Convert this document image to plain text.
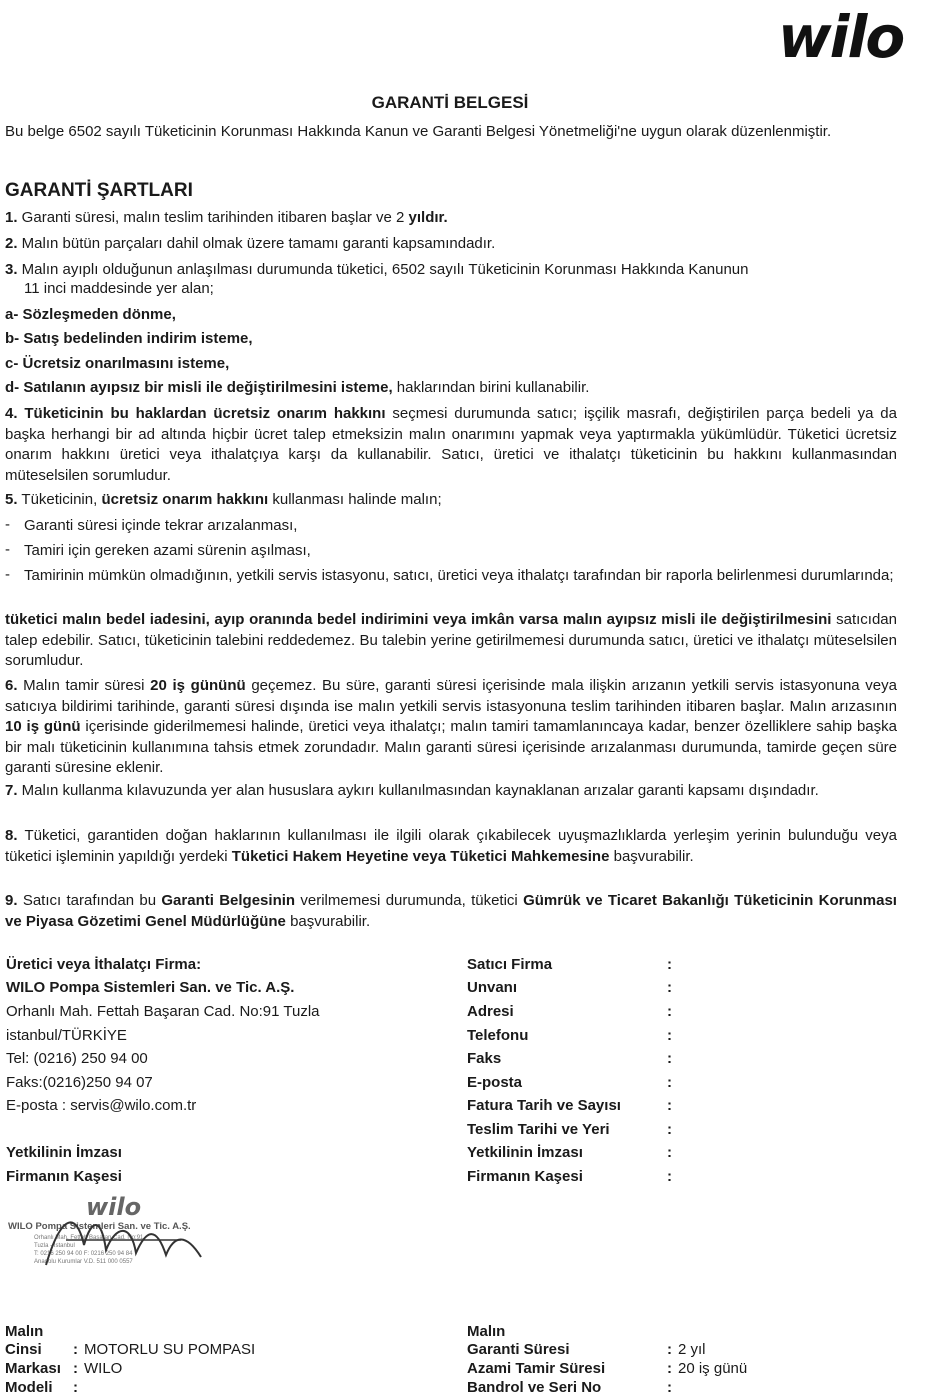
wilo
GARANTİ BELGESİ
Bu belge 6502 sayılı Tüketicinin Korunması Hakkında Kanun ve Garanti Belgesi Yönetmeliği'ne uygun olarak düzenlenmiştir.
GARANTİ ŞARTLARI
1. Garanti süresi, malın teslim tarihinden itibaren başlar ve 2 yıldır.
2. Malın bütün parçaları dahil olmak üzere tamamı garanti kapsamındadır.
3. Malın ayıplı olduğunun anlaşılması durumunda tüketici, 6502 sayılı Tüketicinin Korunması Hakkında Kanunun
11 inci maddesinde yer alan;
a- Sözleşmeden dönme,
b- Satış bedelinden indirim isteme,
c- Ücretsiz onarılmasını isteme,
d- Satılanın ayıpsız bir misli ile değiştirilmesini isteme, haklarından birini kullanabilir.
4. Tüketicinin bu haklardan ücretsiz onarım hakkını seçmesi durumunda satıcı; işçilik masrafı, değiştirilen parça bedeli ya da başka herhangi bir ad altında hiçbir ücret talep etmeksizin malın onarımını yapmak veya yaptırmakla yükümlüdür. Tüketici ücretsiz onarım hakkını üretici veya ithalatçıya karşı da kullanabilir. Satıcı, üretici ve ithalatçı tüketicinin bu hakkını kullanmasından müteselsilen sorumludur.
5. Tüketicinin, ücretsiz onarım hakkını kullanması halinde malın;
- Garanti süresi içinde tekrar arızalanması,
- Tamiri için gereken azami sürenin aşılması,
- Tamirinin mümkün olmadığının, yetkili servis istasyonu, satıcı, üretici veya ithalatçı tarafından bir raporla belirlenmesi durumlarında;
tüketici malın bedel iadesini, ayıp oranında bedel indirimini veya imkân varsa malın ayıpsız misli ile değiştirilmesini satıcıdan talep edebilir. Satıcı, tüketicinin talebini reddedemez. Bu talebin yerine getirilmemesi durumunda satıcı, üretici ve ithalatçı müteselsilen sorumludur.
6. Malın tamir süresi 20 iş gününü geçemez. Bu süre, garanti süresi içerisinde mala ilişkin arızanın yetkili servis istasyonuna veya satıcıya bildirimi tarihinde, garanti süresi dışında ise malın yetkili servis istasyonuna teslim tarihinden itibaren başlar. Malın arızasının 10 iş günü içerisinde giderilmemesi halinde, üretici veya ithalatçı; malın tamiri tamamlanıncaya kadar, benzer özelliklere sahip başka bir malı tüketicinin kullanımına tahsis etmek zorundadır. Malın garanti süresi içerisinde arızalanması durumunda, tamirde geçen süre garanti süresine eklenir.
7. Malın kullanma kılavuzunda yer alan hususlara aykırı kullanılmasından kaynaklanan arızalar garanti kapsamı dışındadır.
8. Tüketici, garantiden doğan haklarının kullanılması ile ilgili olarak çıkabilecek uyuşmazlıklarda yerleşim yerinin bulunduğu veya tüketici işleminin yapıldığı yerdeki Tüketici Hakem Heyetine veya Tüketici Mahkemesine başvurabilir.
9. Satıcı tarafından bu Garanti Belgesinin verilmemesi durumunda, tüketici Gümrük ve Ticaret Bakanlığı Tüketicinin Korunması ve Piyasa Gözetimi Genel Müdürlüğüne başvurabilir.
Üretici veya İthalatçı Firma:
WILO Pompa Sistemleri San. ve Tic. A.Ş.
Orhanlı Mah. Fettah Başaran Cad. No:91 Tuzla
istanbul/TÜRKİYE
Tel: (0216) 250 94 00
Faks:(0216)250 94 07
E-posta : servis@wilo.com.tr
Yetkilinin İmzası
Firmanın Kaşesi
wilo
WILO Pompa Sistemleri San. ve Tic. A.Ş.
Orhanlı Mah. Fettah Başaran Cad. No:91
Tuzla - İstanbul
T: 0216 250 94 00 F: 0216 250 94 84
Anadolu Kurumlar V.D. 511 000 0557
Satıcı Firma	:
Unvanı	:
Adresi	:
Telefonu	:
Faks	:
E-posta	:
Fatura Tarih ve Sayısı	:
Teslim Tarihi ve Yeri	:
Yetkilinin İmzası	:
Firmanın Kaşesi	:
Malın
Cinsi : MOTORLU SU POMPASI
Markası : WILO
Modeli :
Malın
Garanti Süresi	: 2 yıl
Azami Tamir Süresi	: 20 iş günü
Bandrol ve Seri No	:
